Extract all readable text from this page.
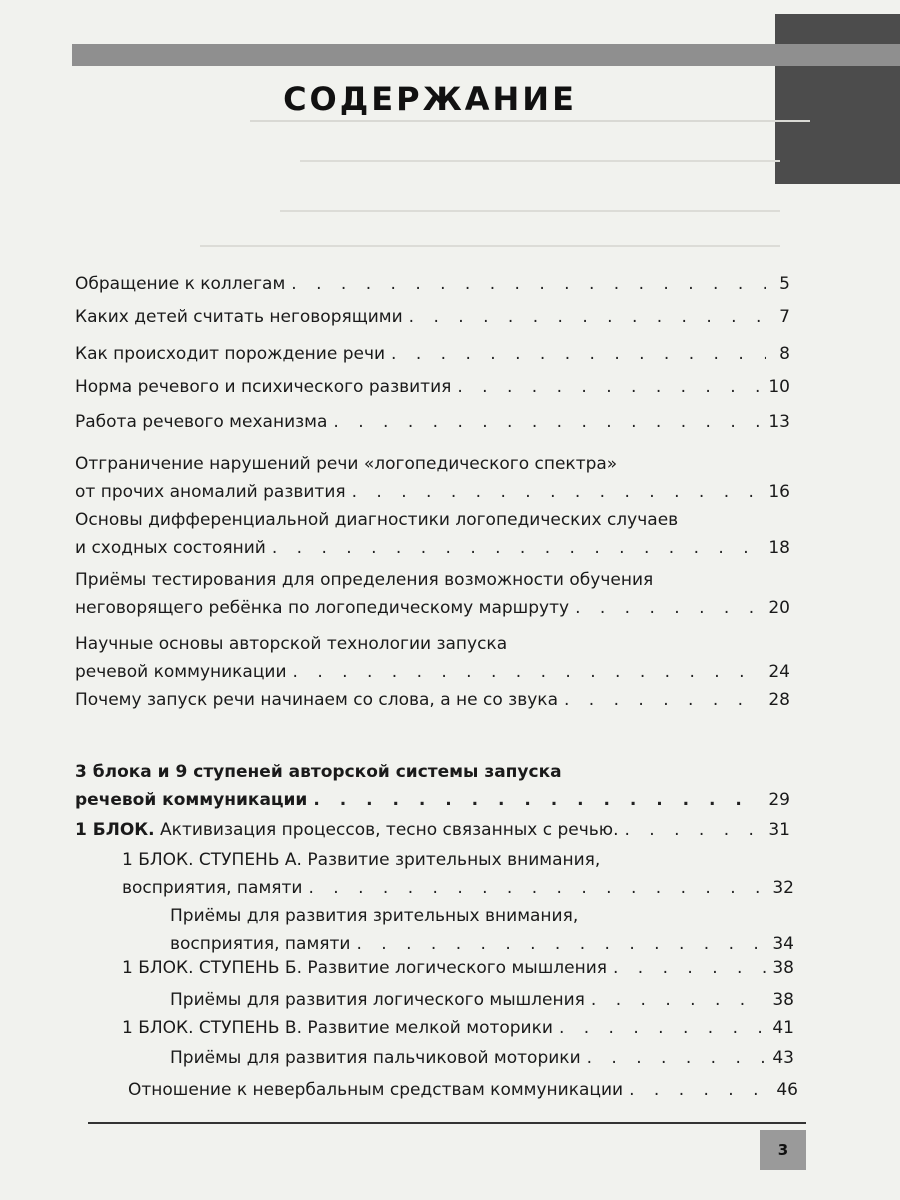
СОДЕРЖАНИЕ
Обращение к коллегам . . .	5
Каких детей считать неговорящими . . .	7
Как происходит порождение речи . . .	8
Норма речевого и психического развития . . .	10
Работа речевого механизма . . .	13
Отграничение нарушений речи «логопедического спектра»
от прочих аномалий развития . . .	16
Основы дифференциальной диагностики логопедических случаев
и сходных состояний . . .	18
Приёмы тестирования для определения возможности обучения
неговорящего ребёнка по логопедическому маршруту . . .	20
Научные основы авторской технологии запуска
речевой коммуникации . . .	24
Почему запуск речи начинаем со слова, а не со звука . . .	28
3 блока и 9 ступеней авторской системы запуска
речевой коммуникации . . .	29
1 БЛОК. Активизация процессов, тесно связанных с речью. . . .	31
1 БЛОК. СТУПЕНЬ А. Развитие зрительных внимания,
восприятия, памяти . . .	32
Приёмы для развития зрительных внимания,
восприятия, памяти . . .	34
1 БЛОК. СТУПЕНЬ Б. Развитие логического мышления . . .	38
Приёмы для развития логического мышления . . .	38
1 БЛОК. СТУПЕНЬ В. Развитие мелкой моторики . . .	41
Приёмы для развития пальчиковой моторики . . .	43
Отношение к невербальным средствам коммуникации . . .	46
3
